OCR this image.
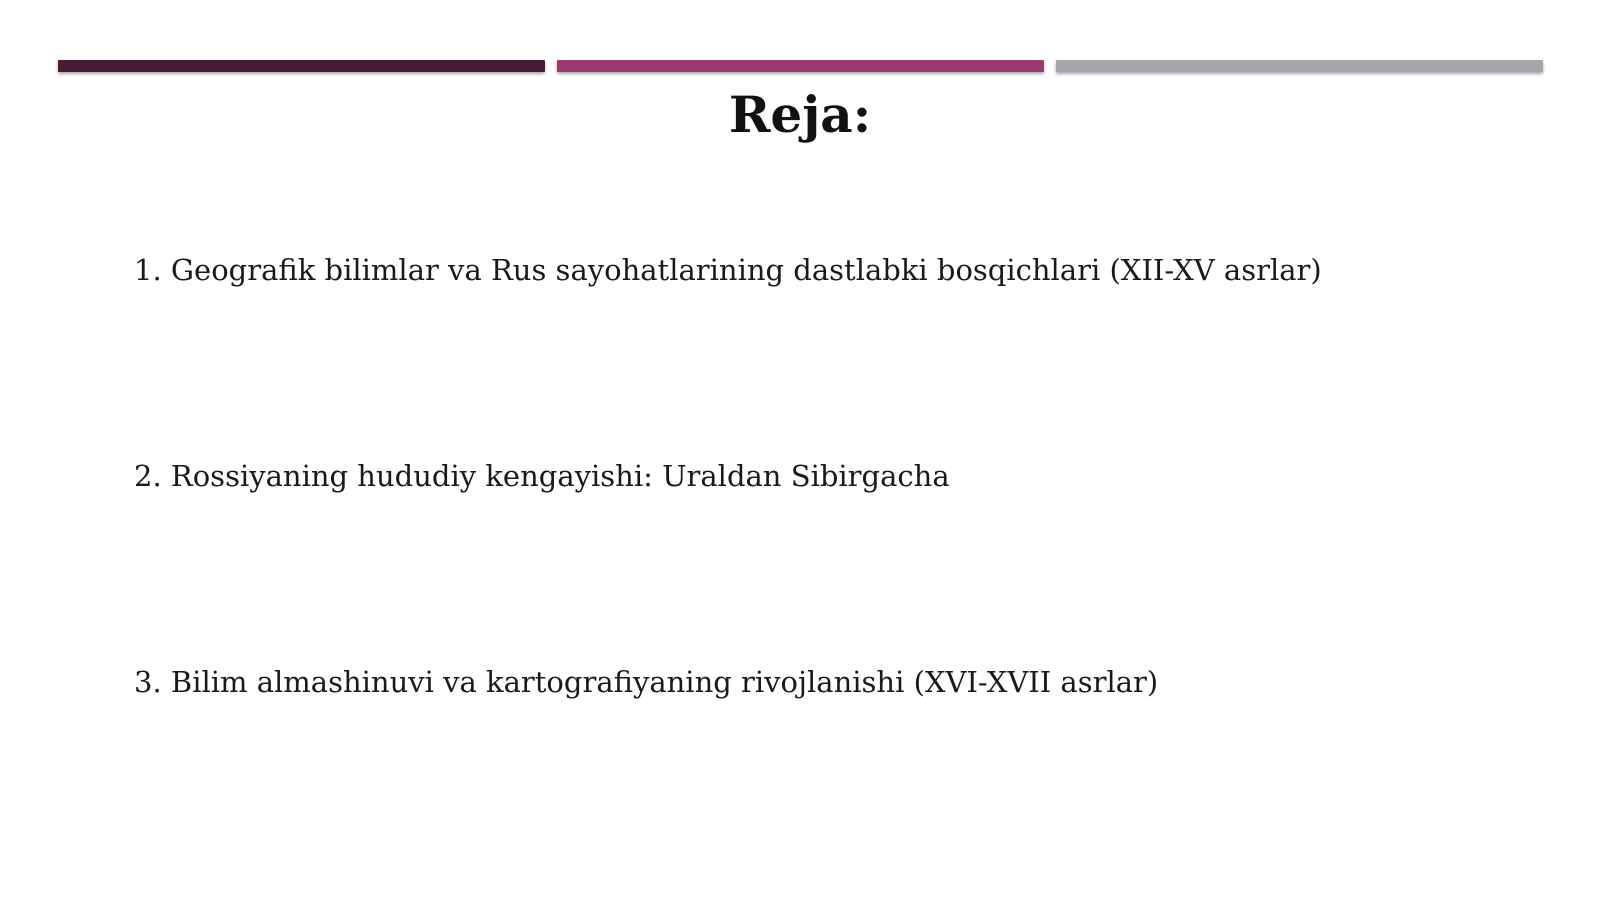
Reja:
1. Geografik bilimlar va Rus sayohatlarining dastlabki bosqichlari (XII-XV asrlar)
2. Rossiyaning hududiy kengayishi: Uraldan Sibirgacha
3. Bilim almashinuvi va kartografiyaning rivojlanishi (XVI-XVII asrlar)
